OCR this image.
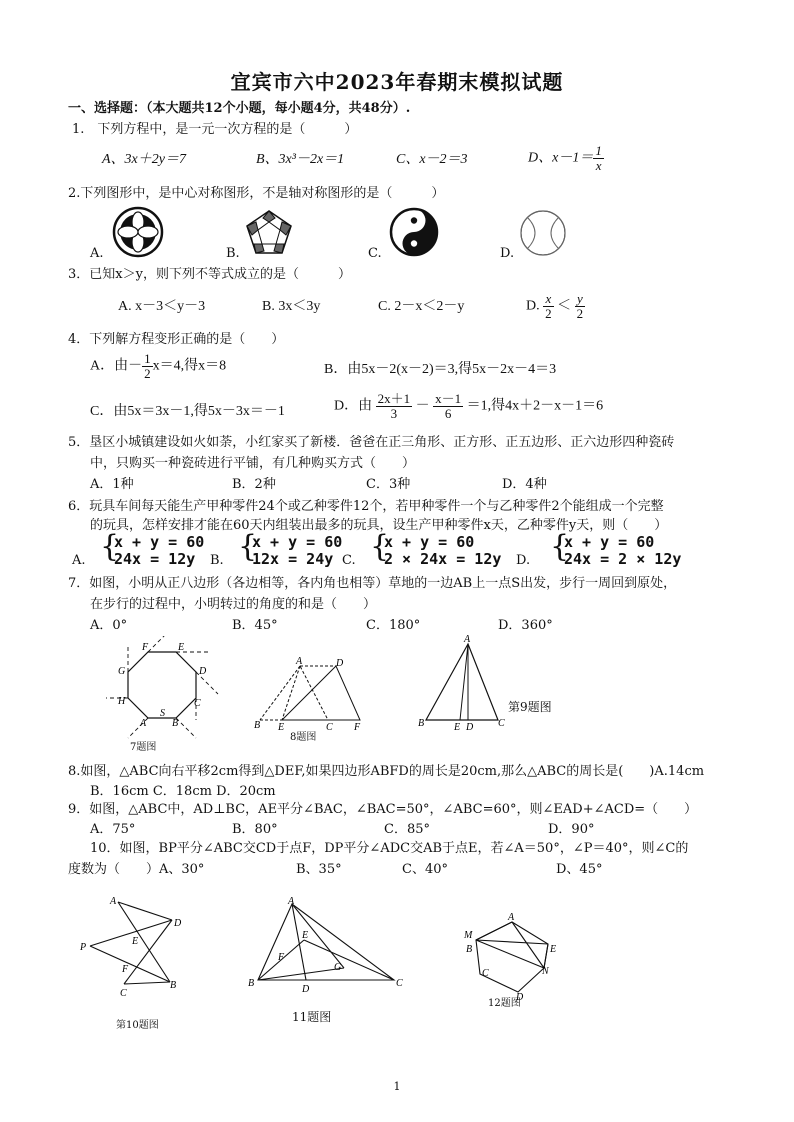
宜宾市六中2023年春期末模拟试题
一、选择题：（本大题共12个小题，每小题4分，共48分）.
1.　下列方程中，是一元一次方程的是（　　　）
A、3x＋2y＝7	B、3x³－2x＝1	C、x－2＝3	D、$x-1= \frac{1}{x}$
2.下列图形中，是中心对称图形，不是轴对称图形的是（　　　）
A.	B.	C.	D.
3．已知x＞y，则下列不等式成立的是（　　　）
A. x－3＜y－3	B. 3x＜3y	C. 2－x＜2－y	D. $\frac{x}{2} < \frac{y}{2}$
4．下列解方程变形正确的是（　　）
A．由－ $\frac{1}{2} x=4$,得x＝8	B．由5x－2(x－2)＝3,得5x－2x－4＝3
C．由5x＝3x－1,得5x－3x＝－1	D．由 $\frac{2x+1}{3} - \frac{x-1}{6} =1$,得4x＋2－x－1＝6
5．垦区小城镇建设如火如荼，小红家买了新楼．爸爸在正三角形、正方形、正五边形、正六边形四种瓷砖
中，只购买一种瓷砖进行平铺，有几种购买方式（　　）
A．1种	B．2种	C．3种	D．4种
6．玩具车间每天能生产甲种零件24个或乙种零件12个，若甲种零件一个与乙种零件2个能组成一个完整
的玩具，怎样安排才能在60天内组装出最多的玩具，设生产甲种零件x天，乙种零件y天，则（　　）
A. {
x + y = 60
24x = 12y B. {
x + y = 60
12x = 24y C. {
x + y = 60
2 × 24x = 12y D. {
x + y = 60
24x = 2 × 12y
7．如图，小明从正八边形（各边相等，各内角也相等）草地的一边AB上一点S出发，步行一周回到原处，
在步行的过程中，小明转过的角度的和是（　　）
A．0°	B．45°	C．180°	D．360°
F	E
G	D
H	C
A
S
B
7题图
A	D
B E	C F
8题图
A
B	E D C
第9题图
8.如图，△ABC向右平移2cm得到△DEF,如果四边形ABFD的周长是20cm,那么△ABC的周长是(　　)A.14cm
B．16cm C．18cm D．20cm
9．如图，△ABC中，AD⊥BC，AE平分∠BAC，∠BAC=50°，∠ABC=60°，则∠EAD+∠ACD=（　　）
A．75°	B．80°	C．85°	D．90°
10．如图，BP平分∠ABC交CD于点F，DP平分∠ADC交AB于点E，若∠A＝50°，∠P＝40°，则∠C的
度数为（　　）A、30°	B、35°	C、40°	D、45°
A
D
P
E
F
C
B
第10题图
A
B	C
D
E
F
G
11题图
A
M
B	E
N
C
D
12题图
1
